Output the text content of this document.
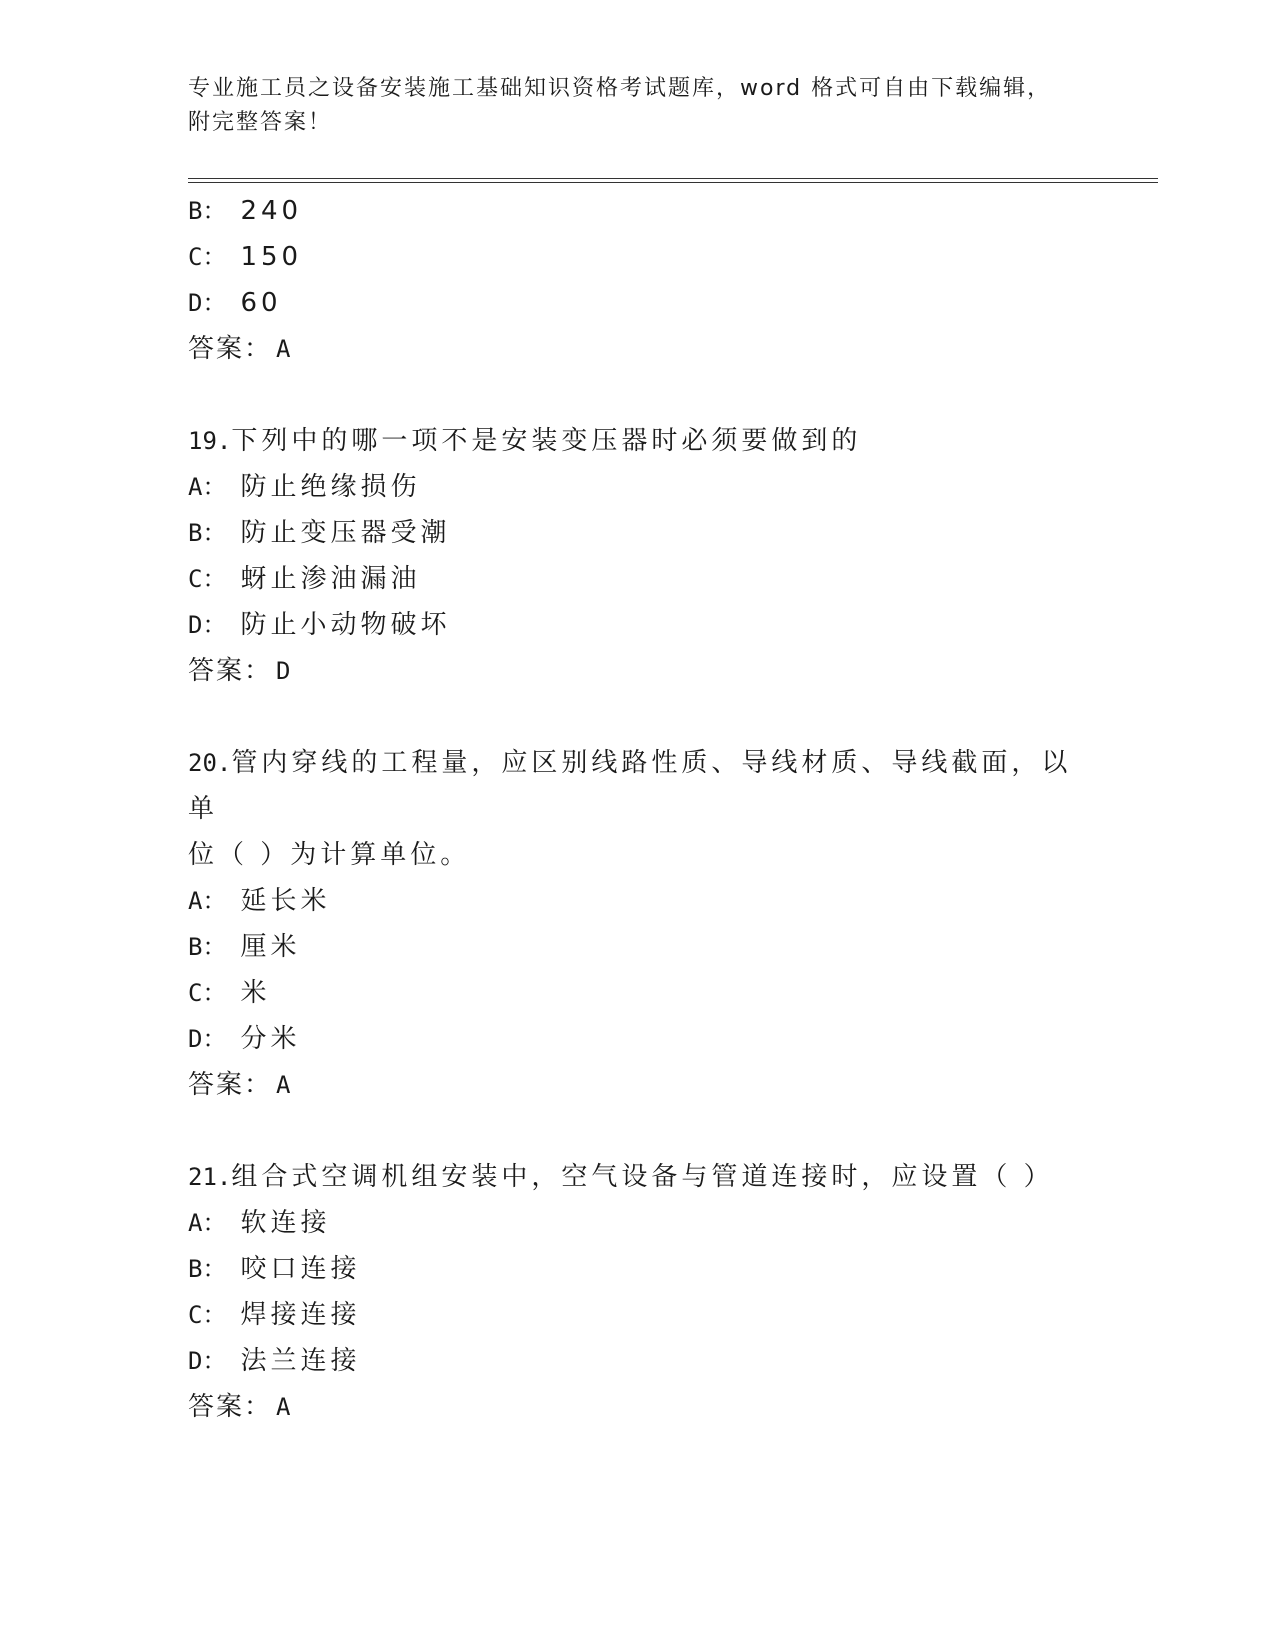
专业施工员之设备安装施工基础知识资格考试题库，word 格式可自由下载编辑，
附完整答案！
B： 240
C： 150
D： 60
答案： A
19.下列中的哪一项不是安装变压器时必须要做到的
A： 防止绝缘损伤
B： 防止变压器受潮
C： 蚜止渗油漏油
D： 防止小动物破坏
答案： D
20.管内穿线的工程量，应区别线路性质、导线材质、导线截面，以单
位（ ）为计算单位。
A： 延长米
B： 厘米
C： 米
D： 分米
答案： A
21.组合式空调机组安装中，空气设备与管道连接时，应设置（ ）
A： 软连接
B： 咬口连接
C： 焊接连接
D： 法兰连接
答案： A
